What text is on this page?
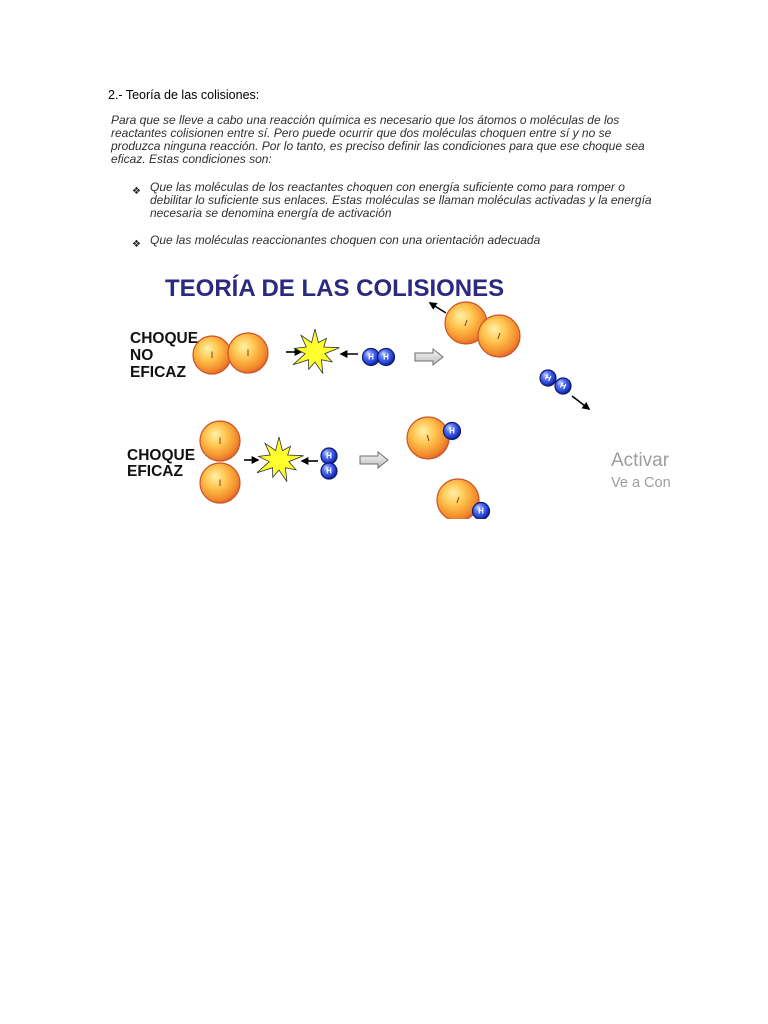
2.- Teoría de las colisiones:
Para que se lleve a cabo una reacción química es necesario que los átomos o moléculas de los
reactantes colisionen entre sí. Pero puede ocurrir que dos moléculas choquen entre sí y no se
produzca ninguna reacción. Por lo tanto, es preciso definir las condiciones para que ese choque sea
eficaz. Estas condiciones son:
❖
Que las moléculas de los reactantes choquen con energía suficiente como para romper o
debilitar lo suficiente sus enlaces. Estas moléculas se llaman moléculas activadas y la energía
necesaria se denomina energía de activación
❖
Que las moléculas reaccionantes choquen con una orientación adecuada
TEORÍA DE LAS COLISIONES
CHOQUE
NO
EFICAZ
I	I	H H
I
I
H
H
CHOQUE
EFICAZ
I
I
H
H
I
H
I
H
Activar
Ve a Con
